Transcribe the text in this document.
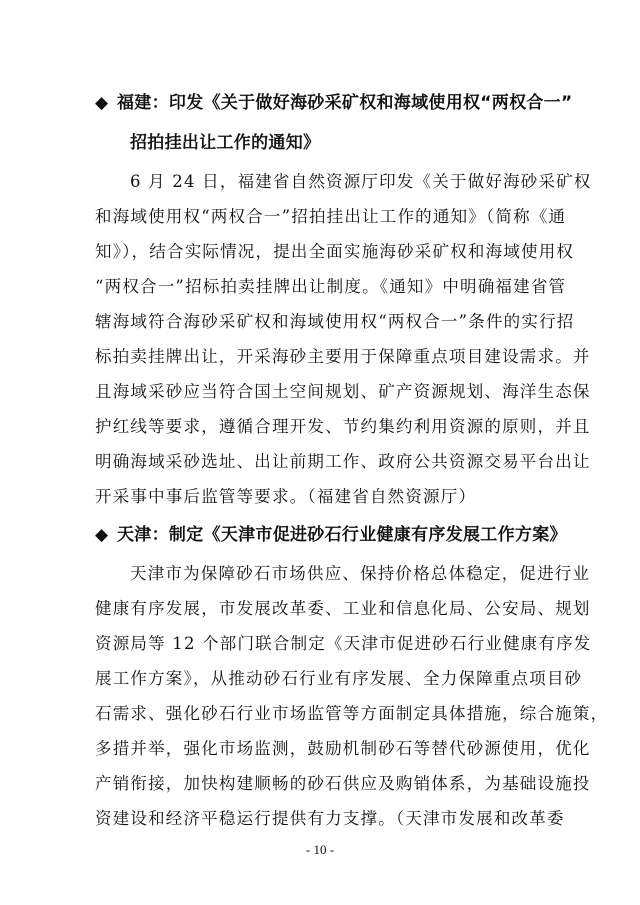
◆ 福建：印发《关于做好海砂采矿权和海域使用权“两权合一”
招拍挂出让工作的通知》
6 月 24 日，福建省自然资源厅印发《关于做好海砂采矿权
和海域使用权“两权合一”招拍挂出让工作的通知》（简称《通
知》），结合实际情况，提出全面实施海砂采矿权和海域使用权
“两权合一”招标拍卖挂牌出让制度。《通知》中明确福建省管
辖海域符合海砂采矿权和海域使用权“两权合一”条件的实行招
标拍卖挂牌出让，开采海砂主要用于保障重点项目建设需求。并
且海域采砂应当符合国土空间规划、矿产资源规划、海洋生态保
护红线等要求，遵循合理开发、节约集约利用资源的原则，并且
明确海域采砂选址、出让前期工作、政府公共资源交易平台出让
开采事中事后监管等要求。（福建省自然资源厅）
◆ 天津：制定《天津市促进砂石行业健康有序发展工作方案》
天津市为保障砂石市场供应、保持价格总体稳定，促进行业
健康有序发展，市发展改革委、工业和信息化局、公安局、规划
资源局等 12 个部门联合制定《天津市促进砂石行业健康有序发
展工作方案》，从推动砂石行业有序发展、全力保障重点项目砂
石需求、强化砂石行业市场监管等方面制定具体措施，综合施策，
多措并举，强化市场监测，鼓励机制砂石等替代砂源使用，优化
产销衔接，加快构建顺畅的砂石供应及购销体系，为基础设施投
资建设和经济平稳运行提供有力支撑。（天津市发展和改革委
- 10 -
